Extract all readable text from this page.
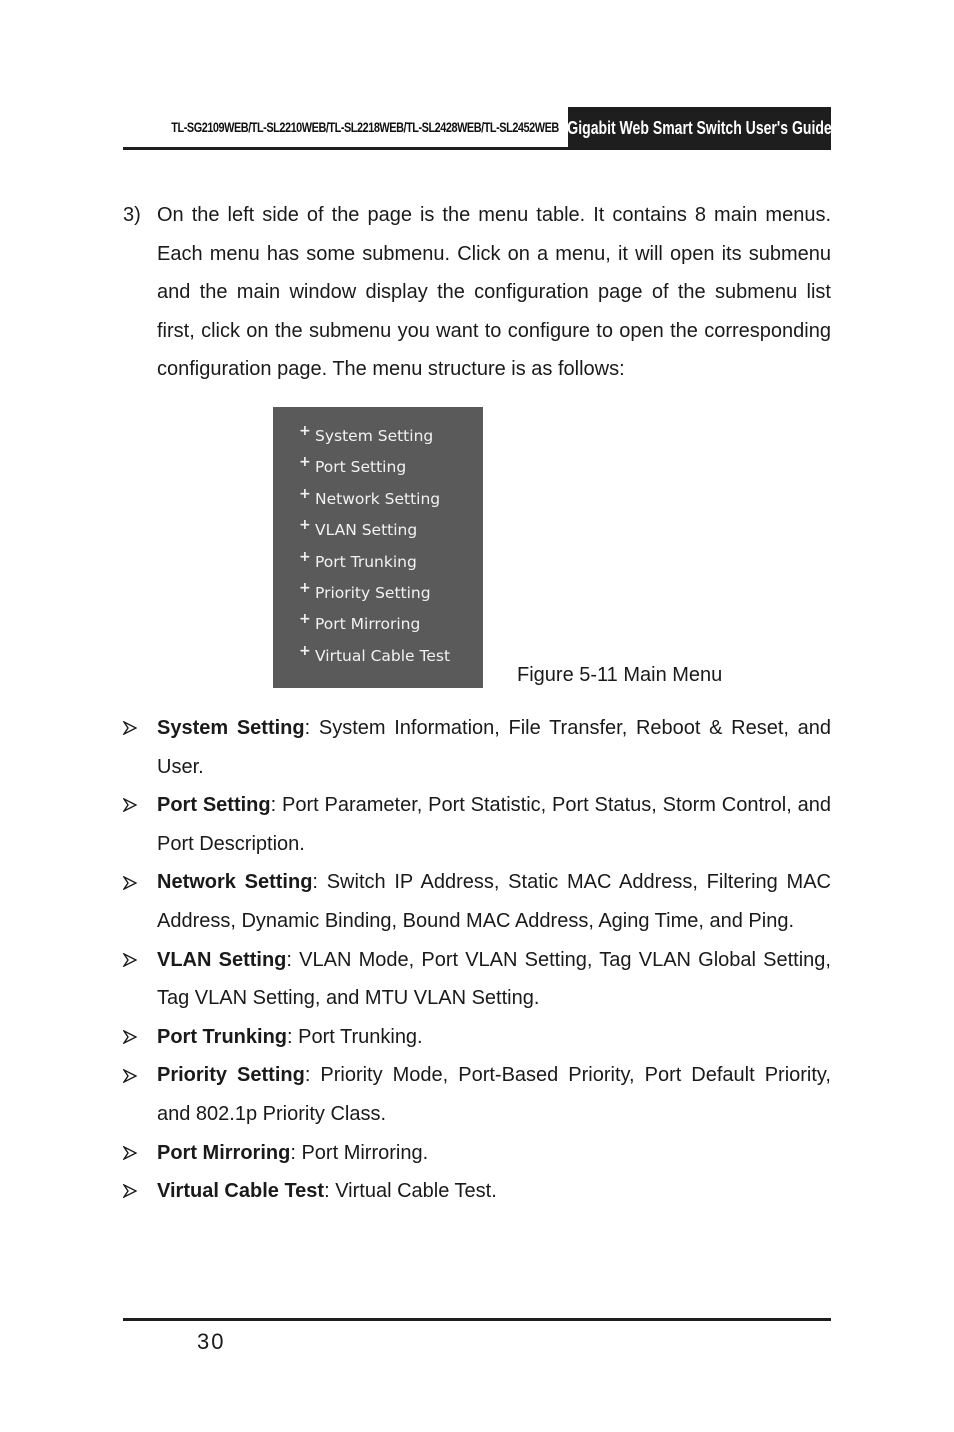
TL-SG2109WEB/TL-SL2210WEB/TL-SL2218WEB/TL-SL2428WEB/TL-SL2452WEB Gigabit Web Smart Switch User's Guide
3) On the left side of the page is the menu table. It contains 8 main menus. Each menu has some submenu. Click on a menu, it will open its submenu and the main window display the configuration page of the submenu list first, click on the submenu you want to configure to open the corresponding configuration page. The menu structure is as follows:

+ System Setting
+ Port Setting
+ Network Setting
+ VLAN Setting
+ Port Trunking
+ Priority Setting
+ Port Mirroring
+ Virtual Cable Test
Figure 5-11 Main Menu
System Setting: System Information, File Transfer, Reboot & Reset, and User.
Port Setting: Port Parameter, Port Statistic, Port Status, Storm Control, and Port Description.
Network Setting: Switch IP Address, Static MAC Address, Filtering MAC Address, Dynamic Binding, Bound MAC Address, Aging Time, and Ping.
VLAN Setting: VLAN Mode, Port VLAN Setting, Tag VLAN Global Setting, Tag VLAN Setting, and MTU VLAN Setting.
Port Trunking: Port Trunking.
Priority Setting: Priority Mode, Port-Based Priority, Port Default Priority, and 802.1p Priority Class.
Port Mirroring: Port Mirroring.
Virtual Cable Test: Virtual Cable Test.
30
